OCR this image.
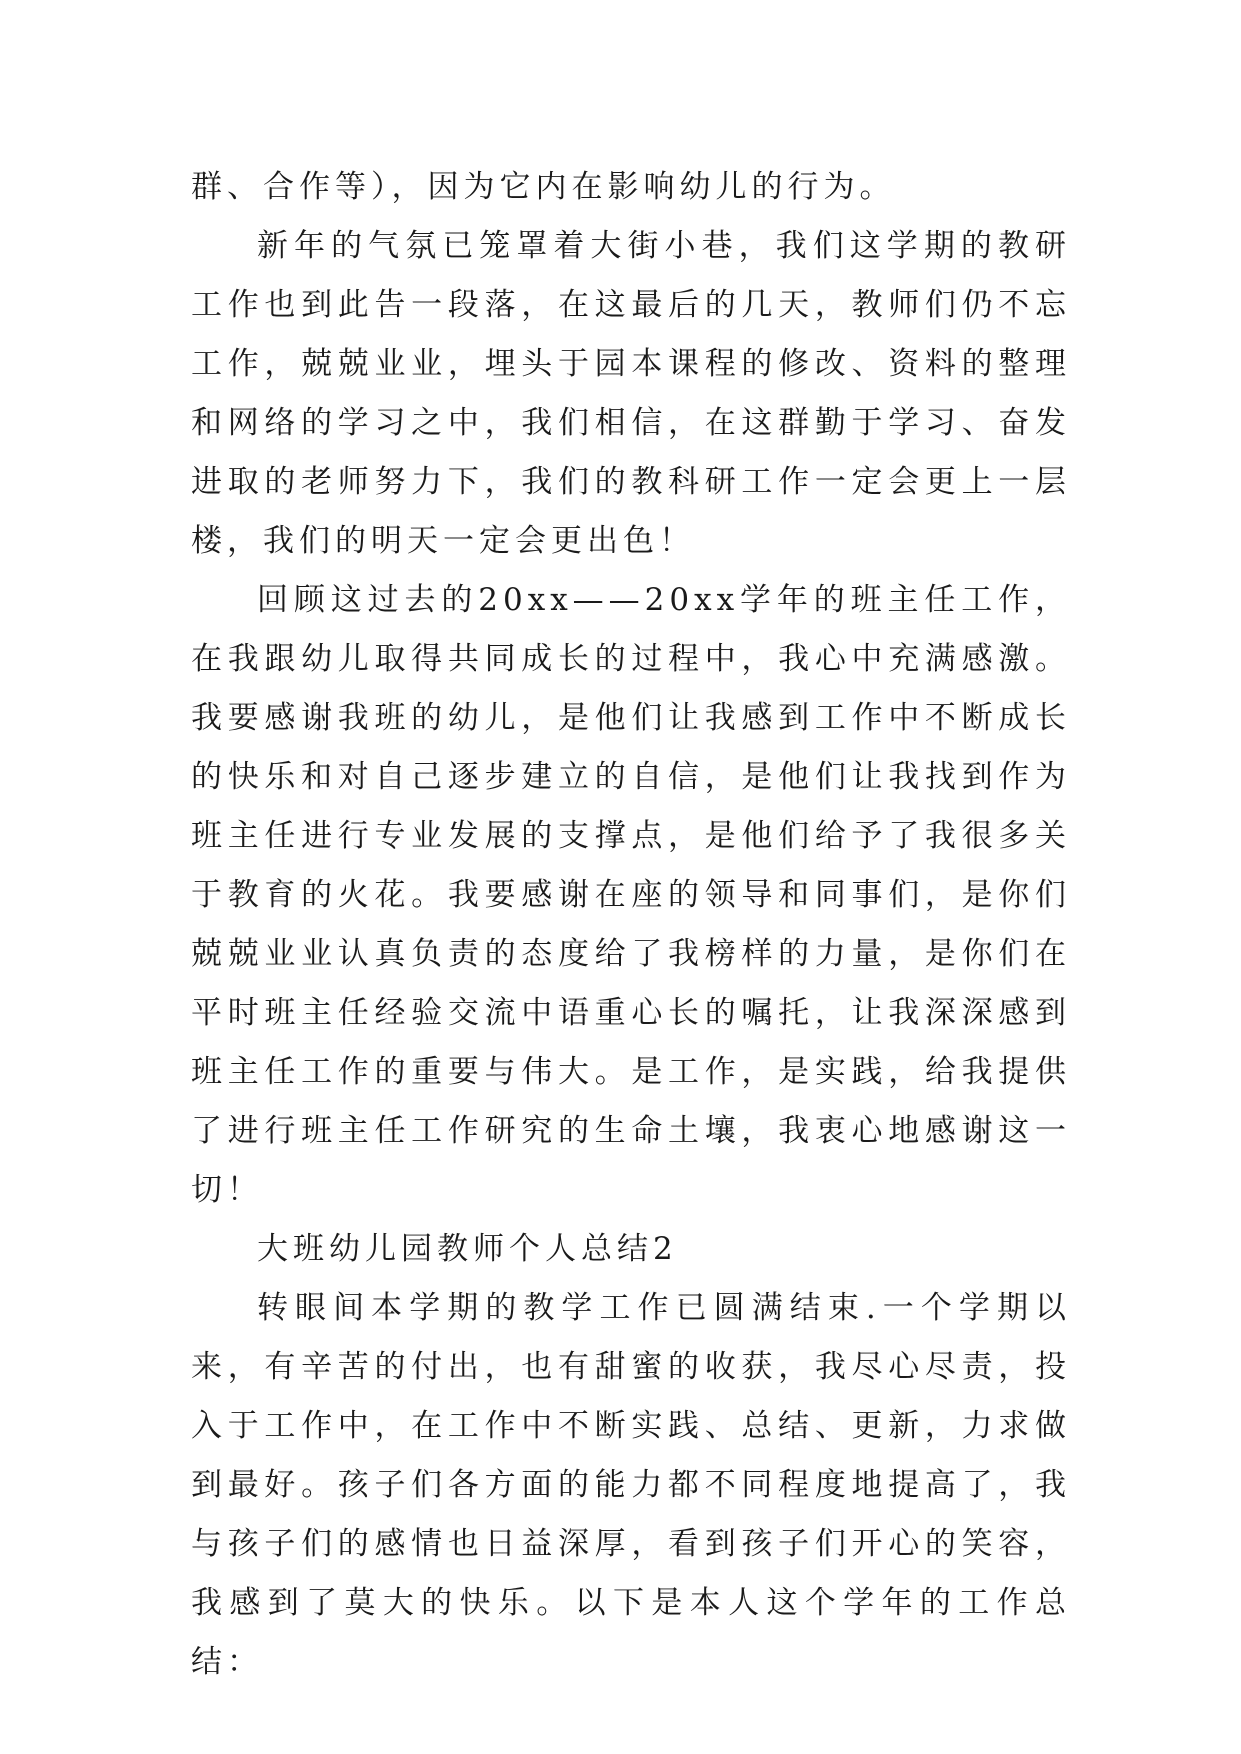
群、合作等），因为它内在影响幼儿的行为。

新年的气氛已笼罩着大街小巷，我们这学期的教研工作也到此告一段落，在这最后的几天，教师们仍不忘工作，兢兢业业，埋头于园本课程的修改、资料的整理和网络的学习之中，我们相信，在这群勤于学习、奋发进取的老师努力下，我们的教科研工作一定会更上一层楼，我们的明天一定会更出色！

回顾这过去的20xx——20xx学年的班主任工作，在我跟幼儿取得共同成长的过程中，我心中充满感激。我要感谢我班的幼儿，是他们让我感到工作中不断成长的快乐和对自己逐步建立的自信，是他们让我找到作为班主任进行专业发展的支撑点，是他们给予了我很多关于教育的火花。我要感谢在座的领导和同事们，是你们兢兢业业认真负责的态度给了我榜样的力量，是你们在平时班主任经验交流中语重心长的嘱托，让我深深感到班主任工作的重要与伟大。是工作，是实践，给我提供了进行班主任工作研究的生命土壤，我衷心地感谢这一切！

大班幼儿园教师个人总结2

转眼间本学期的教学工作已圆满结束.一个学期以来，有辛苦的付出，也有甜蜜的收获，我尽心尽责，投入于工作中，在工作中不断实践、总结、更新，力求做到最好。孩子们各方面的能力都不同程度地提高了，我与孩子们的感情也日益深厚，看到孩子们开心的笑容，我感到了莫大的快乐。以下是本人这个学年的工作总结：
